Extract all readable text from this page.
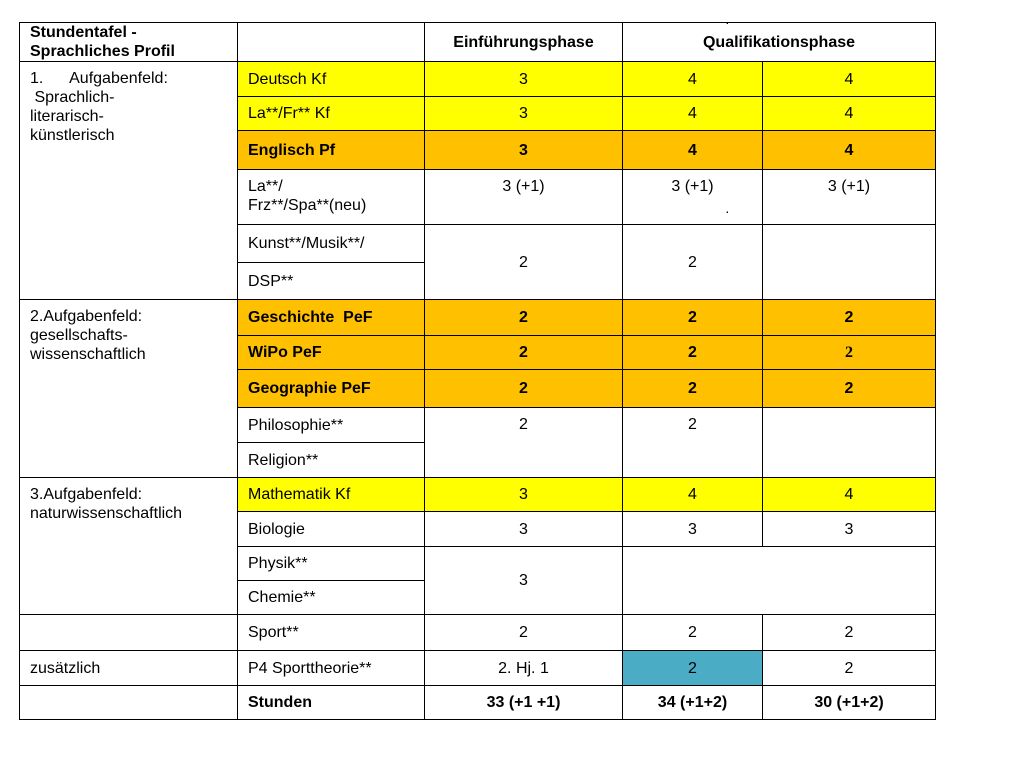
Stundentafel - Sprachliches Profil		Einführungsphase	Qualifikationsphase	

1.      Aufgabenfeld:
Sprachlich-
literarisch-
künstlerisch	Deutsch Kf	3	4	4
	La**/Fr** Kf	3	4	4
	Englisch Pf	3	4	4

	La**/
Frz**/Spa**(neu)	3 (+1)	3 (+1)	3 (+1)
	Kunst**/Musik**/	2	2	
	DSP**			

2.Aufgabenfeld:
gesellschafts-
wissenschaftlich	Geschichte  PeF	2	2	2
	WiPo PeF	2	2	2
	Geographie PeF	2	2	2
	Philosophie**	2	2	
	Religion**			

3.Aufgabenfeld:
naturwissenschaftlich	Mathematik Kf	3	4	4
	Biologie	3	3	3
	Physik**	3		
	Chemie**			
	Sport**	2	2	2
zusätzlich	P4 Sporttheorie**	2. Hj. 1	2	2
	Stunden	33 (+1 +1)	34 (+1+2)	30 (+1+2)
·
·
